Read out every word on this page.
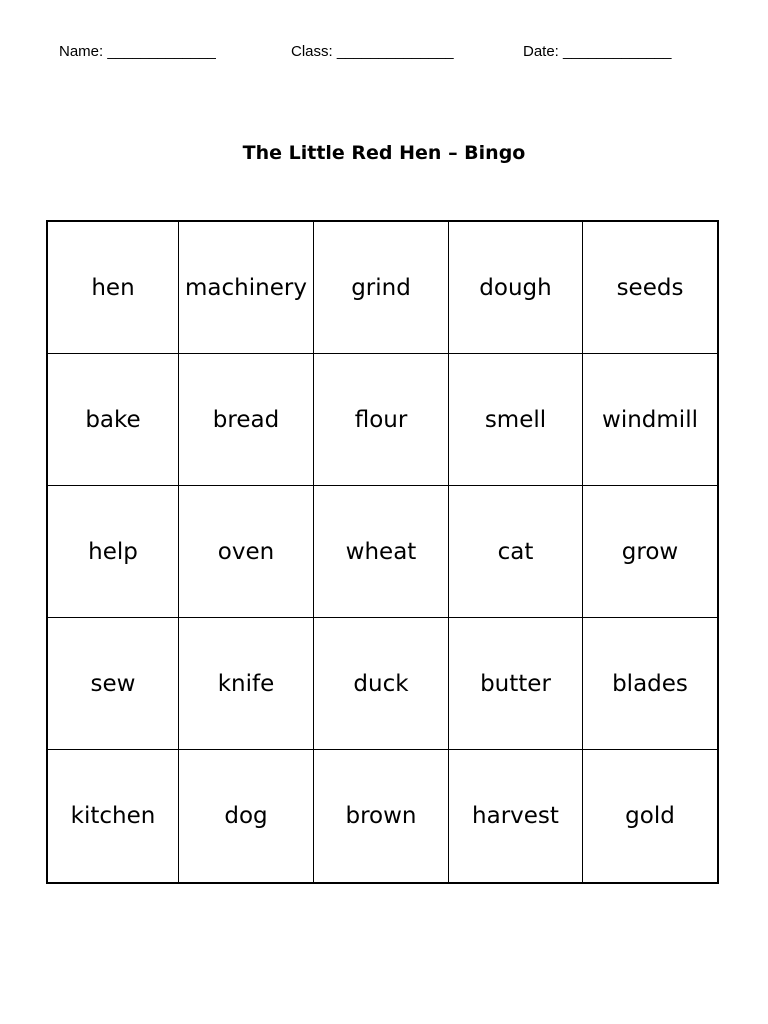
Name: _____________	Class: ______________	Date: _____________
The Little Red Hen – Bingo
hen	machinery	grind	dough	seeds
bake	bread	flour	smell	windmill
help	oven	wheat	cat	grow
sew	knife	duck	butter	blades
kitchen	dog	brown	harvest	gold
